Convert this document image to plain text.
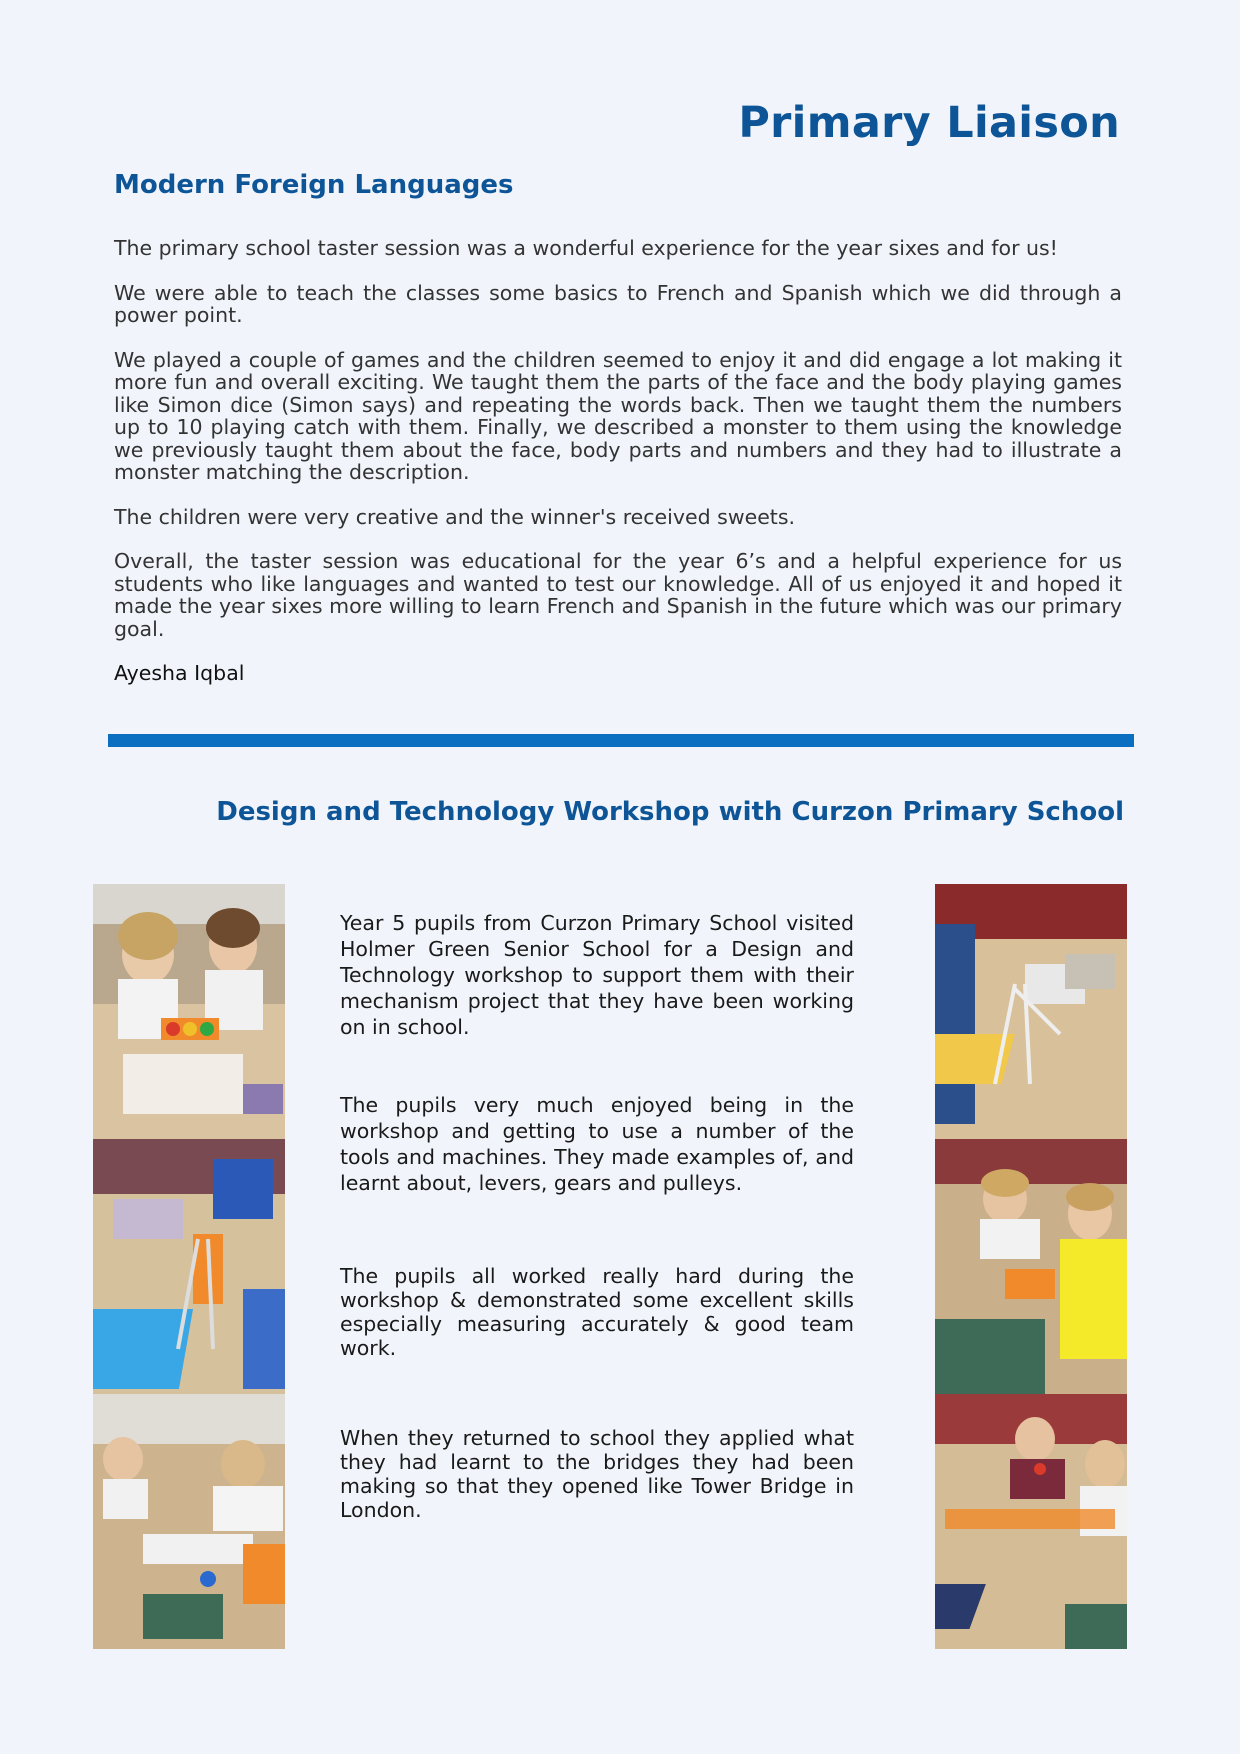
Primary Liaison
Modern Foreign Languages

The primary school taster session was a wonderful experience for the year sixes and for us!

We were able to teach the classes some basics to French and Spanish which we did through a power point.

We played a couple of games and the children seemed to enjoy it and did engage a lot making it more fun and overall exciting. We taught them the parts of the face and the body playing games like Simon dice (Simon says) and repeating the words back. Then we taught them the numbers up to 10 playing catch with them. Finally, we described a monster to them using the knowledge we previously taught them about the face, body parts and numbers and they had to illustrate a monster matching the description.

The children were very creative and the winner's received sweets.

Overall, the taster session was educational for the year 6’s and a helpful experience for us students who like languages and wanted to test our knowledge. All of us enjoyed it and hoped it made the year sixes more willing to learn French and Spanish in the future which was our primary goal.

Ayesha Iqbal

Design and Technology Workshop with Curzon Primary School

Year 5 pupils from Curzon Primary School visited Holmer Green Senior School for a Design and Technology workshop to support them with their mechanism project that they have been working on in school.

The pupils very much enjoyed being in the workshop and getting to use a number of the tools and machines. They made examples of, and learnt about, levers, gears and pulleys.

The pupils all worked really hard during the workshop & demonstrated some excellent skills especially measuring accurately & good team work.

When they returned to school they applied what they had learnt to the bridges they had been making so that they opened like Tower Bridge in London.
